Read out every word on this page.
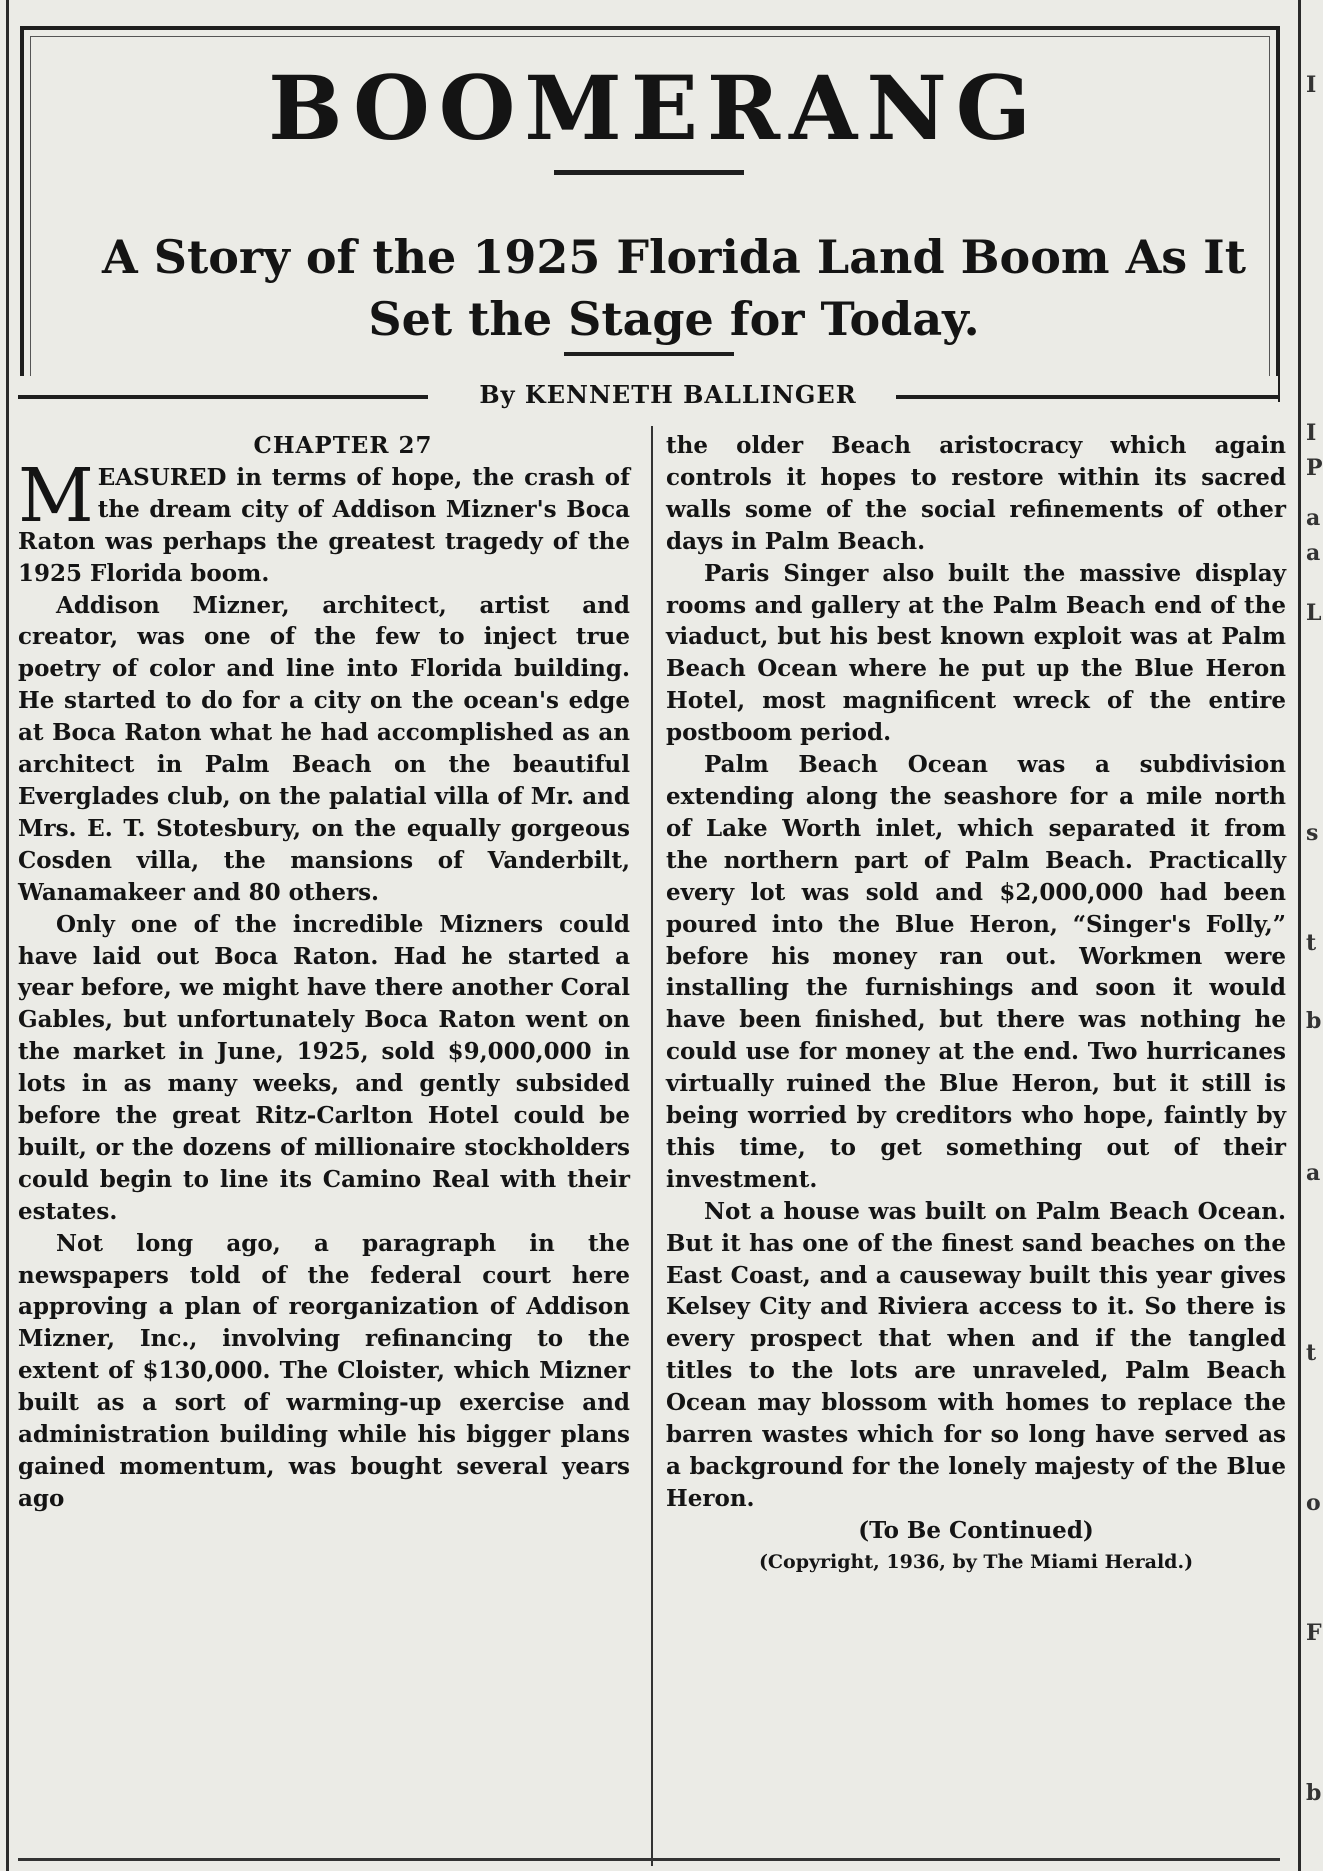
I
I
P
a
a
L
s
t
b
a
t
o
F
b
BOOMERANG
A Story of the 1925 Florida Land Boom As It Set the Stage for Today.
By KENNETH BALLINGER

CHAPTER 27

MEASURED in terms of hope, the crash of the dream city of Addison Mizner's Boca Raton was perhaps the greatest tragedy of the 1925 Florida boom.

Addison Mizner, architect, artist and creator, was one of the few to inject true poetry of color and line into Florida building. He started to do for a city on the ocean's edge at Boca Raton what he had accomplished as an architect in Palm Beach on the beautiful Everglades club, on the palatial villa of Mr. and Mrs. E. T. Stotesbury, on the equally gorgeous Cosden villa, the mansions of Vanderbilt, Wanamakeer and 80 others.

Only one of the incredible Mizners could have laid out Boca Raton. Had he started a year before, we might have there another Coral Gables, but unfortunately Boca Raton went on the market in June, 1925, sold $9,000,000 in lots in as many weeks, and gently subsided before the great Ritz-Carlton Hotel could be built, or the dozens of millionaire stockholders could begin to line its Camino Real with their estates.

Not long ago, a paragraph in the newspapers told of the federal court here approving a plan of reorganization of Addison Mizner, Inc., involving refinancing to the extent of $130,000. The Cloister, which Mizner built as a sort of warming-up exercise and administration building while his bigger plans gained momentum, was bought several years ago

the older Beach aristocracy which again controls it hopes to restore within its sacred walls some of the social refinements of other days in Palm Beach.

Paris Singer also built the massive display rooms and gallery at the Palm Beach end of the viaduct, but his best known exploit was at Palm Beach Ocean where he put up the Blue Heron Hotel, most magnificent wreck of the entire postboom period.

Palm Beach Ocean was a subdivision extending along the seashore for a mile north of Lake Worth inlet, which separated it from the northern part of Palm Beach. Practically every lot was sold and $2,000,000 had been poured into the Blue Heron, “Singer's Folly,” before his money ran out. Workmen were installing the furnishings and soon it would have been finished, but there was nothing he could use for money at the end. Two hurricanes virtually ruined the Blue Heron, but it still is being worried by creditors who hope, faintly by this time, to get something out of their investment.

Not a house was built on Palm Beach Ocean. But it has one of the finest sand beaches on the East Coast, and a causeway built this year gives Kelsey City and Riviera access to it. So there is every prospect that when and if the tangled titles to the lots are unraveled, Palm Beach Ocean may blossom with homes to replace the barren wastes which for so long have served as a background for the lonely majesty of the Blue Heron.

(To Be Continued)

(Copyright, 1936, by The Miami Herald.)
